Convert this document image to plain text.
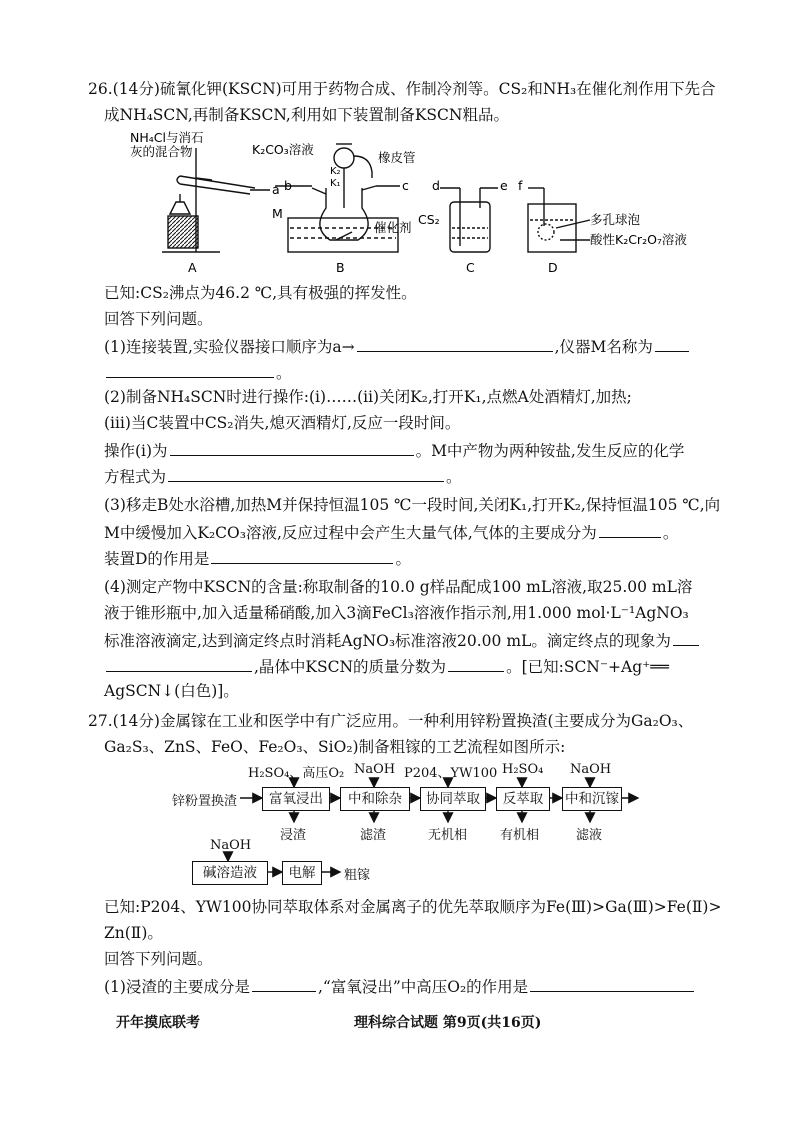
26.(14分)硫氰化钾(KSCN)可用于药物合成、作制冷剂等。CS₂和NH₃在催化剂作用下先合
成NH₄SCN,再制备KSCN,利用如下装置制备KSCN粗品。
NH₄Cl与消石
灰的混合物
a
K₂CO₃溶液
橡皮管
K₂
K₁
b	c
M
催化剂
d	e
CS₂
f
多孔球泡
酸性K₂Cr₂O₇溶液
A	B	C	D
已知:CS₂沸点为46.2 ℃,具有极强的挥发性。
回答下列问题。
(1)连接装置,实验仪器接口顺序为a→	,仪器M名称为
。
(2)制备NH₄SCN时进行操作:(ⅰ)……(ⅱ)关闭K₂,打开K₁,点燃A处酒精灯,加热;
(ⅲ)当C装置中CS₂消失,熄灭酒精灯,反应一段时间。
操作(ⅰ)为	。M中产物为两种铵盐,发生反应的化学
方程式为	。
(3)移走B处水浴槽,加热M并保持恒温105 ℃一段时间,关闭K₁,打开K₂,保持恒温105 ℃,向
M中缓慢加入K₂CO₃溶液,反应过程中会产生大量气体,气体的主要成分为	。
装置D的作用是	。
(4)测定产物中KSCN的含量:称取制备的10.0 g样品配成100 mL溶液,取25.00 mL溶
液于锥形瓶中,加入适量稀硝酸,加入3滴FeCl₃溶液作指示剂,用1.000 mol·L⁻¹AgNO₃
标准溶液滴定,达到滴定终点时消耗AgNO₃标准溶液20.00 mL。滴定终点的现象为
,晶体中KSCN的质量分数为	。[已知:SCN⁻+Ag⁺══
AgSCN↓(白色)]。
27.(14分)金属镓在工业和医学中有广泛应用。一种利用锌粉置换渣(主要成分为Ga₂O₃、
Ga₂S₃、ZnS、FeO、Fe₂O₃、SiO₂)制备粗镓的工艺流程如图所示:
锌粉置换渣	富氧浸出	中和除杂	协同萃取	反萃取	中和沉镓
H₂SO₄、高压O₂ NaOH P204、YW100 H₂SO₄ NaOH
浸渣	滤渣	无机相	有机相	滤液
NaOH
碱溶造液	电解	粗镓
已知:P204、YW100协同萃取体系对金属离子的优先萃取顺序为Fe(Ⅲ)>Ga(Ⅲ)>Fe(Ⅱ)>
Zn(Ⅱ)。
回答下列问题。
(1)浸渣的主要成分是	,“富氧浸出”中高压O₂的作用是
开年摸底联考	理科综合试题 第9页(共16页)
